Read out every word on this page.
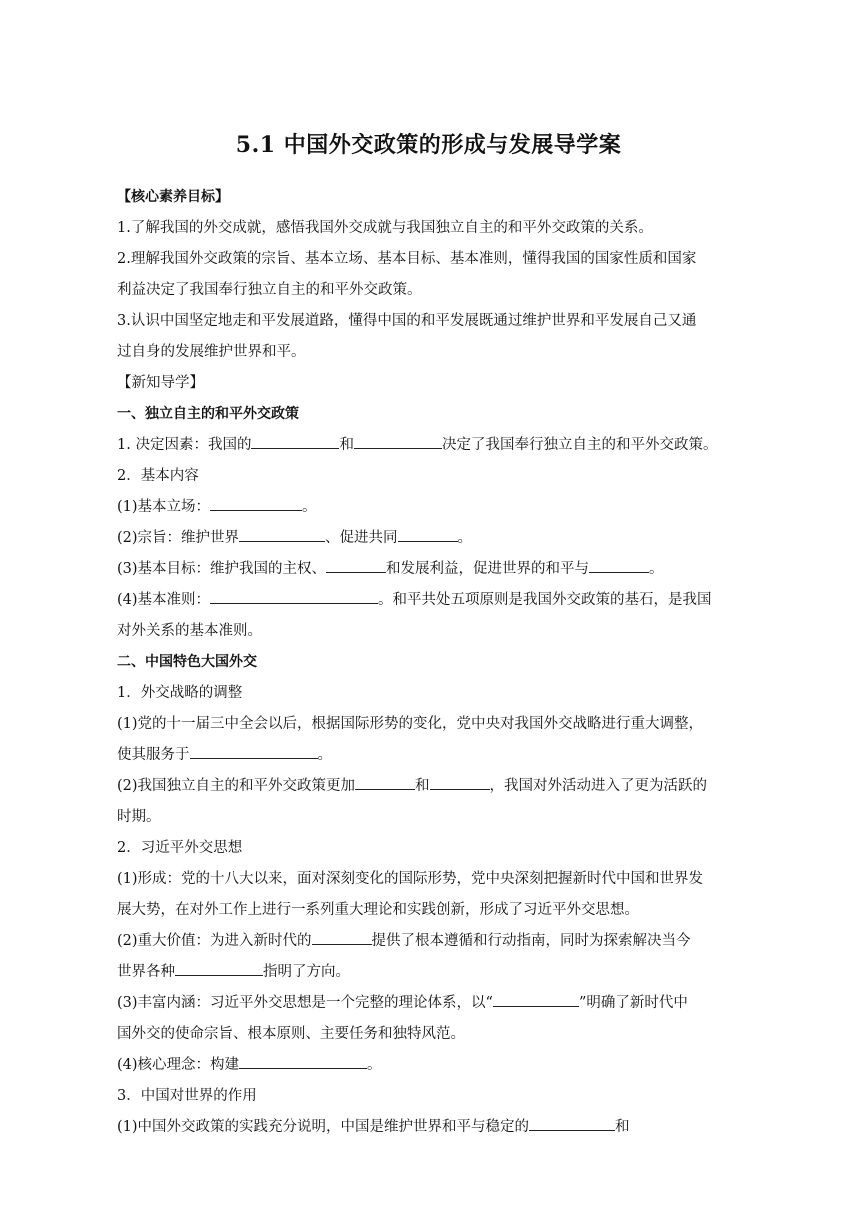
5.1 中国外交政策的形成与发展导学案
【核心素养目标】
1.了解我国的外交成就，感悟我国外交成就与我国独立自主的和平外交政策的关系。
2.理解我国外交政策的宗旨、基本立场、基本目标、基本准则，懂得我国的国家性质和国家
利益决定了我国奉行独立自主的和平外交政策。
3.认识中国坚定地走和平发展道路，懂得中国的和平发展既通过维护世界和平发展自己又通
过自身的发展维护世界和平。
【新知导学】
一、独立自主的和平外交政策
1. 决定因素：我国的	和	决定了我国奉行独立自主的和平外交政策。
2．基本内容
(1)基本立场：	。
(2)宗旨：维护世界	、促进共同	。
(3)基本目标：维护我国的主权、	和发展利益，促进世界的和平与	。
(4)基本准则：	。和平共处五项原则是我国外交政策的基石，是我国
对外关系的基本准则。
二、中国特色大国外交
1．外交战略的调整
(1)党的十一届三中全会以后，根据国际形势的变化，党中央对我国外交战略进行重大调整，
使其服务于	。
(2)我国独立自主的和平外交政策更加	和	，我国对外活动进入了更为活跃的
时期。
2．习近平外交思想
(1)形成：党的十八大以来，面对深刻变化的国际形势，党中央深刻把握新时代中国和世界发
展大势，在对外工作上进行一系列重大理论和实践创新，形成了习近平外交思想。
(2)重大价值：为进入新时代的	提供了根本遵循和行动指南，同时为探索解决当今
世界各种	指明了方向。
(3)丰富内涵：习近平外交思想是一个完整的理论体系，以“	”明确了新时代中
国外交的使命宗旨、根本原则、主要任务和独特风范。
(4)核心理念：构建	。
3．中国对世界的作用
(1)中国外交政策的实践充分说明，中国是维护世界和平与稳定的	和
